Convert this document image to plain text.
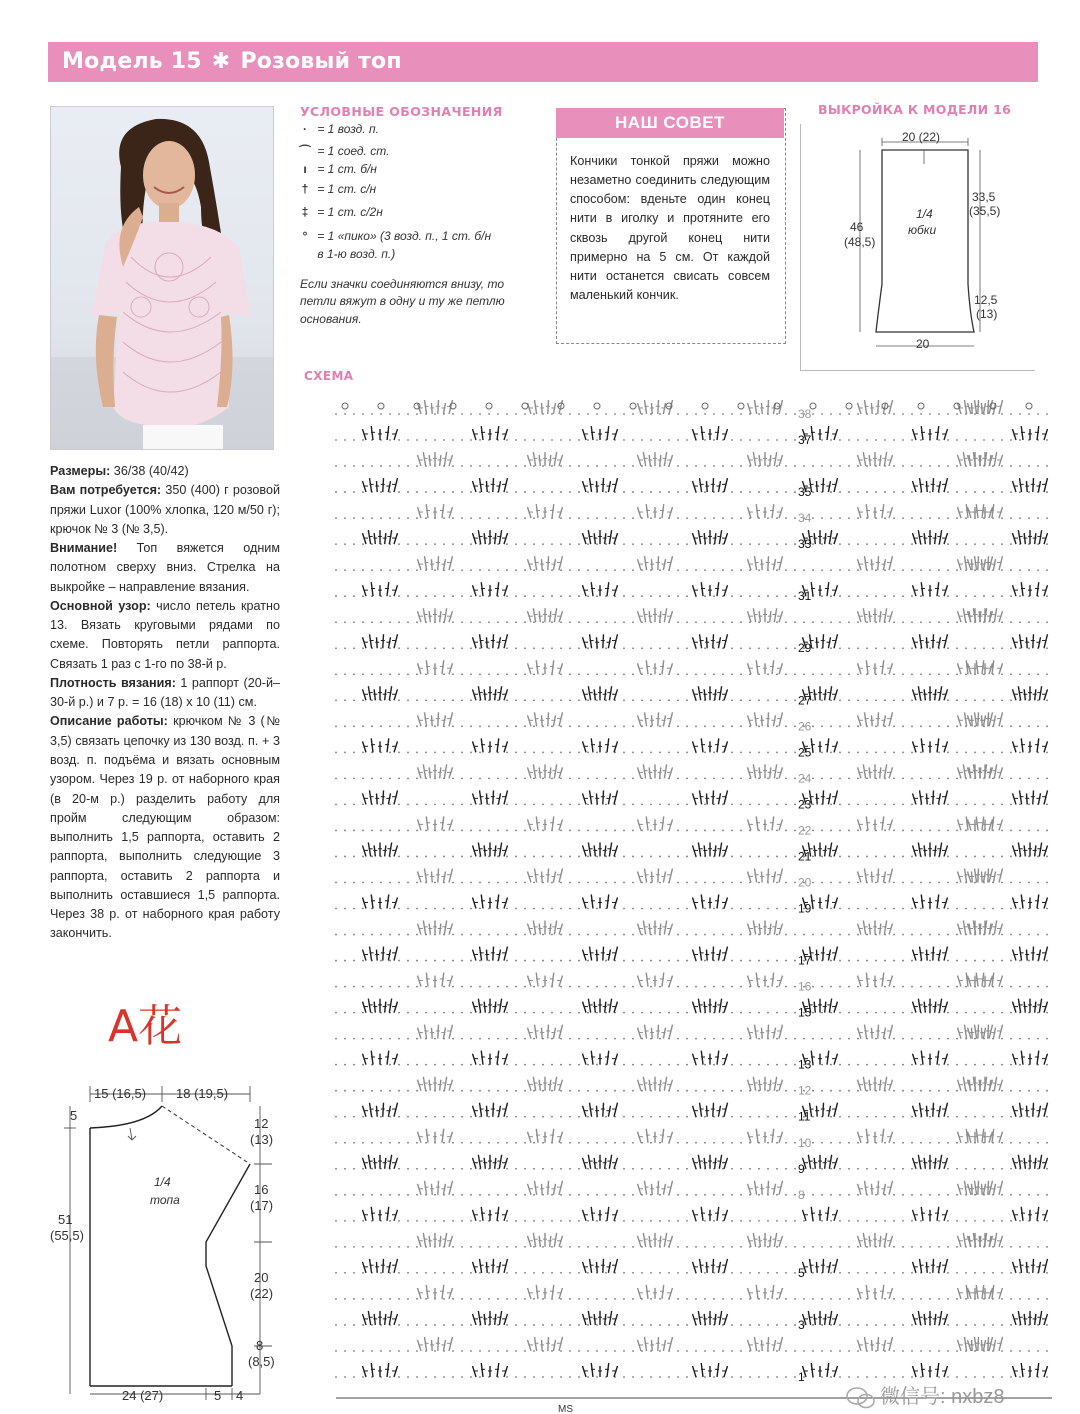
Модель 15 ✱ Розовый топ
УСЛОВНЫЕ ОБОЗНАЧЕНИЯ
· = 1 возд. п.
⌒ = 1 соед. ст.
ı = 1 ст. б/н
† = 1 ст. с/н
‡ = 1 ст. с/2н
° = 1 «пико» (3 возд. п., 1 ст. б/н
в 1-ю возд. п.)
Если значки соединяются внизу, то петли вяжут в одну и ту же петлю основания.
НАШ СОВЕТ
Кончики тонкой пряжи можно незаметно соединить следующим способом: вденьте один конец нити в иголку и протяните его сквозь другой конец нити примерно на 5 см. От каждой нити останется свисать совсем маленький кончик.
ВЫКРОЙКА К МОДЕЛИ 16
20 (22)
46
(48,5)
33,5
(35,5)
12,5
(13)
20
1/4
юбки
Размеры: 36/38 (40/42)
Вам потребуется: 350 (400) г розовой пряжи Luxor (100% хлопка, 120 м/50 г); крючок № 3 (№ 3,5).
Внимание! Топ вяжется одним полотном сверху вниз. Стрелка на выкройке – направление вязания.
Основной узор: число петель кратно 13. Вязать круговыми рядами по схеме. Повторять петли раппорта. Связать 1 раз с 1-го по 38-й р.
Плотность вязания: 1 раппорт (20-й–30-й р.) и 7 р. = 16 (18) х 10 (11) см.
Описание работы: крючком № 3 (№ 3,5) связать цепочку из 130 возд. п. + 3 возд. п. подъёма и вязать основным узором. Через 19 р. от наборного края (в 20-м р.) разделить работу для пройм следующим образом: выполнить 1,5 раппорта, оставить 2 раппорта, выполнить следующие 3 раппорта, оставить 2 раппорта и выполнить оставшиеся 1,5 раппорта. Через 38 р. от наборного края работу закончить.
A花
15 (16,5) 18 (19,5)
5
51
(55,5)
12
(13)
16
(17)
20
(22)
8
(8,5)
24 (27)	5 4
1/4
топа
СХЕМА
38
37
35
34
33
31
29
27
26
25
24
23
22
21
20
19
17
16
15
13
12
11
10
9
8
5
3
1
MS
微信号: nxbz8
